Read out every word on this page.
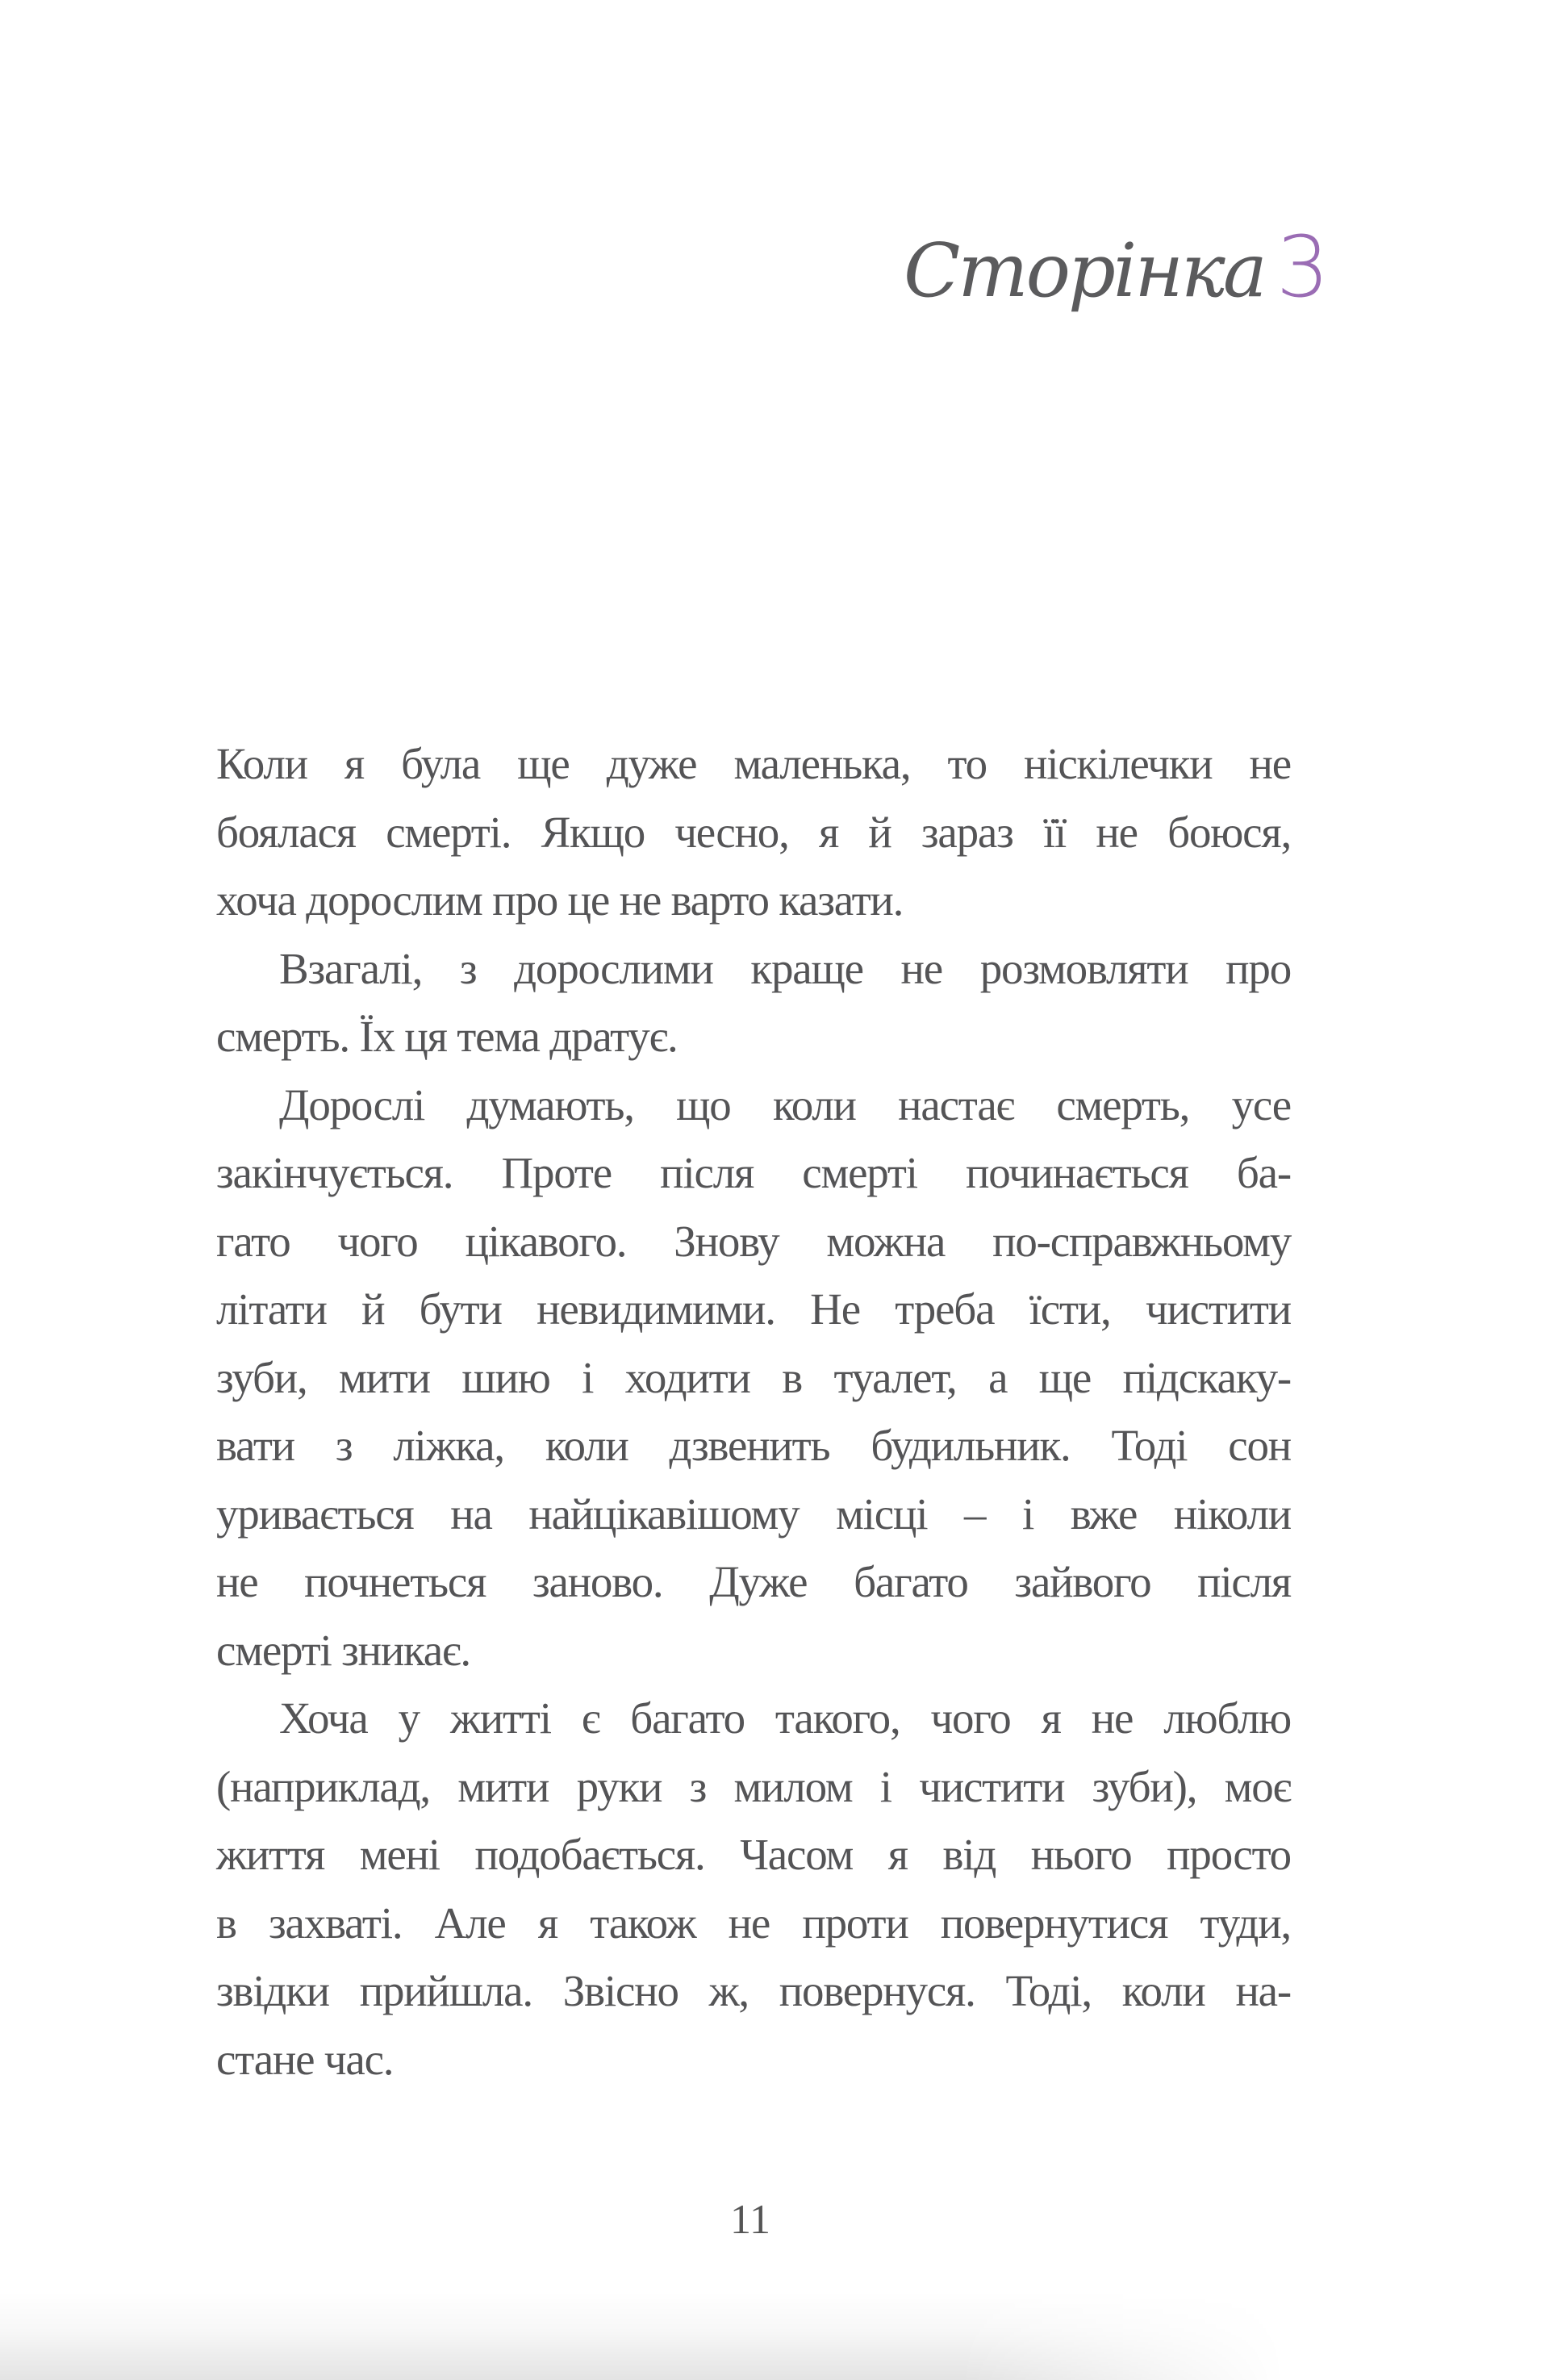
Сторінка 3
Коли я була ще дуже маленька, то ніскілечки не
боялася смерті. Якщо чесно, я й зараз її не боюся,
хоча дорослим про це не варто казати.
Взагалі, з дорослими краще не розмовляти про
смерть. Їх ця тема дратує.
Дорослі думають, що коли настає смерть, усе
закінчується. Проте після смерті починається ба-
гато чого цікавого. Знову можна по-справжньому
літати й бути невидимими. Не треба їсти, чистити
зуби, мити шию і ходити в туалет, а ще підскаку-
вати з ліжка, коли дзвенить будильник. Тоді сон
уривається на найцікавішому місці – і вже ніколи
не почнеться заново. Дуже багато зайвого після
смерті зникає.
Хоча у житті є багато такого, чого я не люблю
(наприклад, мити руки з милом і чистити зуби), моє
життя мені подобається. Часом я від нього просто
в захваті. Але я також не проти повернутися туди,
звідки прийшла. Звісно ж, повернуся. Тоді, коли на-
стане час.
11
